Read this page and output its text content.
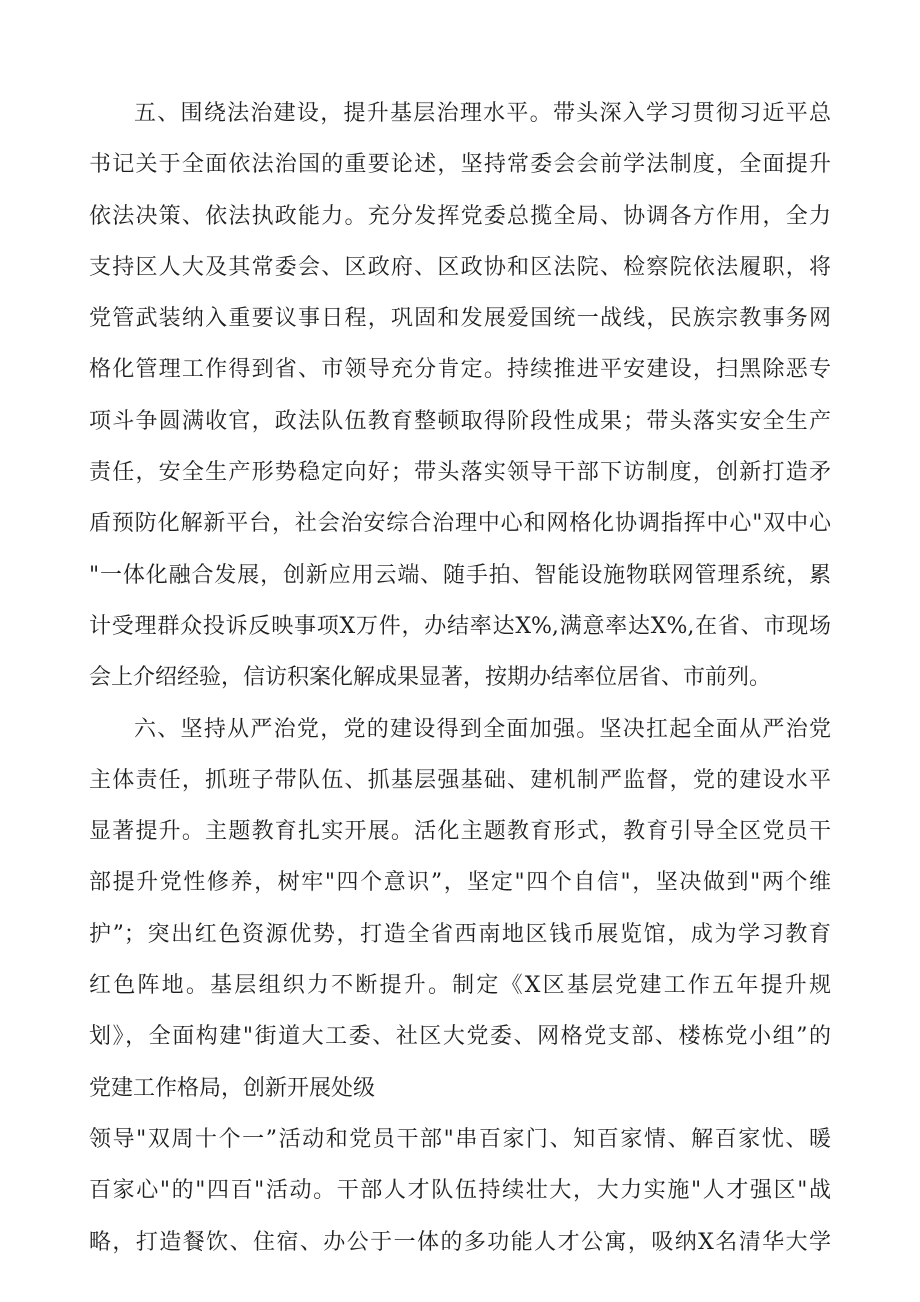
五、围绕法治建设，提升基层治理水平。带头深入学习贯彻习近平总
书记关于全面依法治国的重要论述，坚持常委会会前学法制度，全面提升
依法决策、依法执政能力。充分发挥党委总揽全局、协调各方作用，全力
支持区人大及其常委会、区政府、区政协和区法院、检察院依法履职，将
党管武装纳入重要议事日程，巩固和发展爱国统一战线，民族宗教事务网
格化管理工作得到省、市领导充分肯定。持续推进平安建设，扫黑除恶专
项斗争圆满收官，政法队伍教育整顿取得阶段性成果；带头落实安全生产
责任，安全生产形势稳定向好；带头落实领导干部下访制度，创新打造矛
盾预防化解新平台，社会治安综合治理中心和网格化协调指挥中心"双中心
"一体化融合发展，创新应用云端、随手拍、智能设施物联网管理系统，累
计受理群众投诉反映事项X万件，办结率达X%,满意率达X%,在省、市现场
会上介绍经验，信访积案化解成果显著，按期办结率位居省、市前列。
六、坚持从严治党，党的建设得到全面加强。坚决扛起全面从严治党
主体责任，抓班子带队伍、抓基层强基础、建机制严监督，党的建设水平
显著提升。主题教育扎实开展。活化主题教育形式，教育引导全区党员干
部提升党性修养，树牢"四个意识”，坚定"四个自信"，坚决做到"两个维
护”；突出红色资源优势，打造全省西南地区钱币展览馆，成为学习教育
红色阵地。基层组织力不断提升。制定《X区基层党建工作五年提升规
划》，全面构建"街道大工委、社区大党委、网格党支部、楼栋党小组”的
党建工作格局，创新开展处级
领导"双周十个一”活动和党员干部"串百家门、知百家情、解百家忧、暖
百家心"的"四百"活动。干部人才队伍持续壮大，大力实施"人才强区"战
略，打造餐饮、住宿、办公于一体的多功能人才公寓，吸纳X名清华大学
